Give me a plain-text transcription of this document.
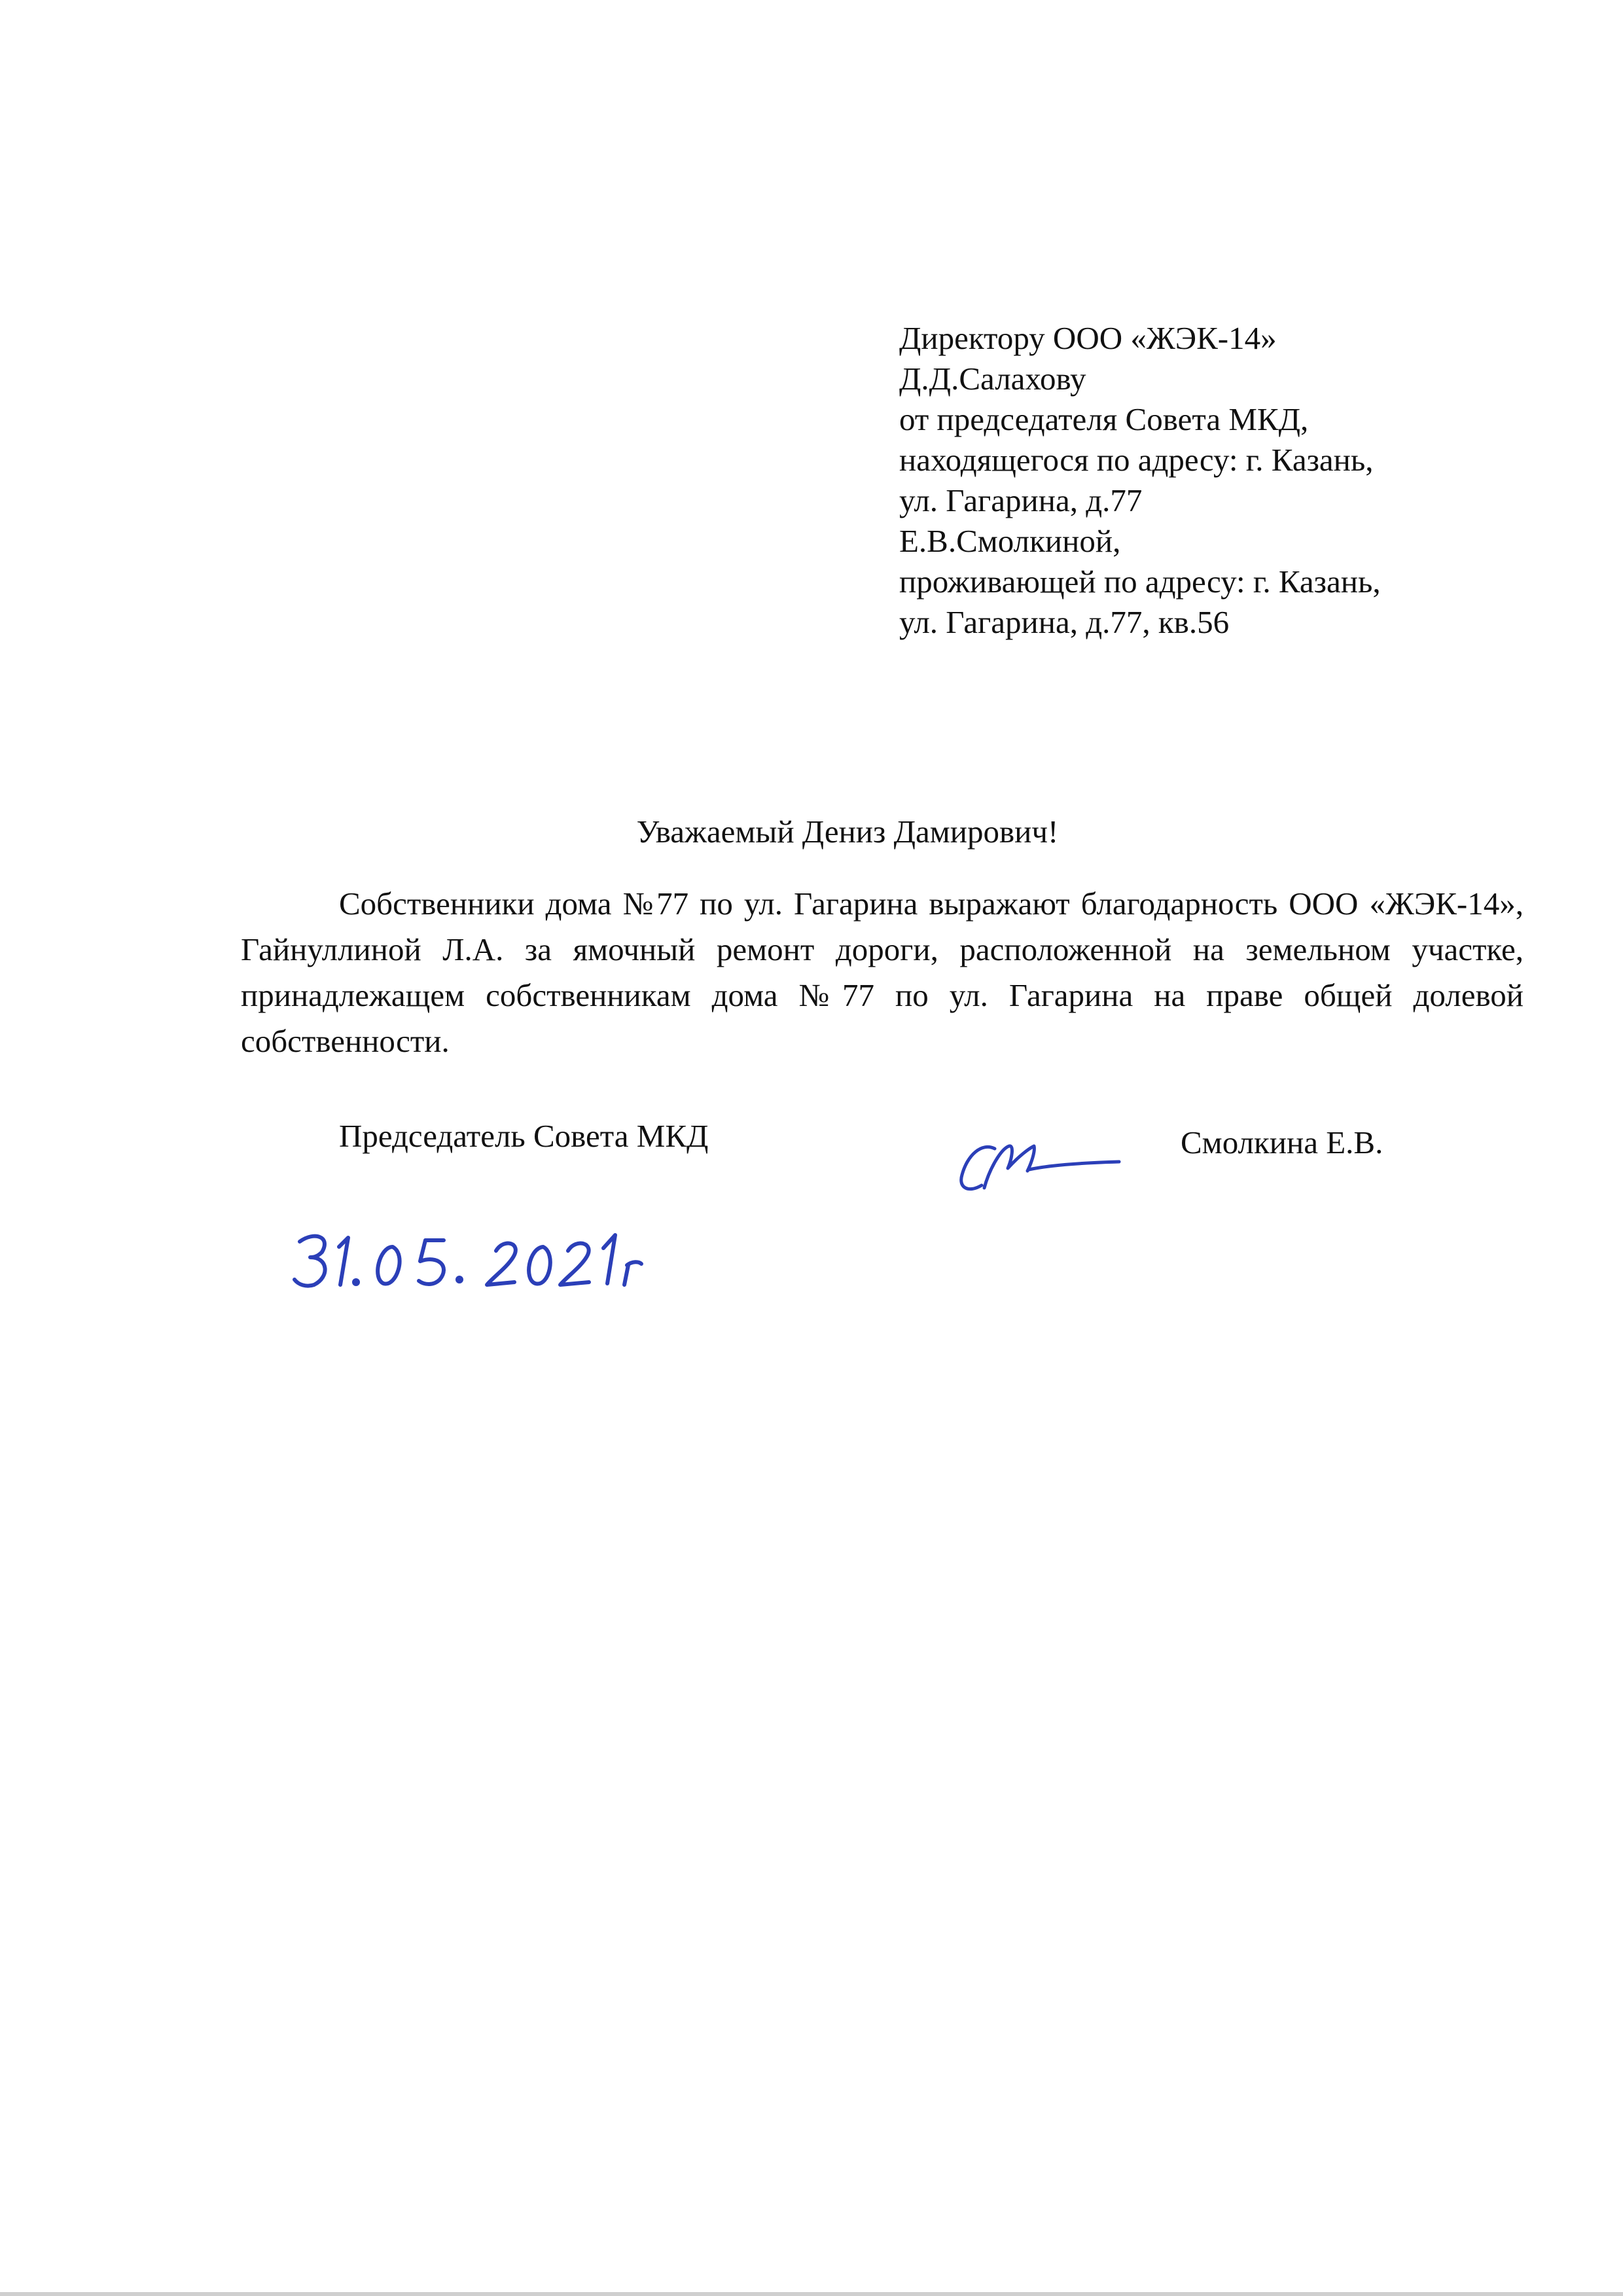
Директору ООО «ЖЭК-14»
Д.Д.Салахову
от председателя Совета МКД,
находящегося по адресу: г. Казань,
ул. Гагарина, д.77
Е.В.Смолкиной,
проживающей по адресу: г. Казань,
ул. Гагарина, д.77, кв.56
Уважаемый Дениз Дамирович!
Собственники дома №77 по ул. Гагарина выражают благодарность ООО «ЖЭК-14», Гайнуллиной Л.А. за ямочный ремонт дороги, расположенной на земельном участке, принадлежащем собственникам дома №77 по ул. Гагарина на праве общей долевой собственности.
Председатель Совета МКД	Смолкина Е.В.
